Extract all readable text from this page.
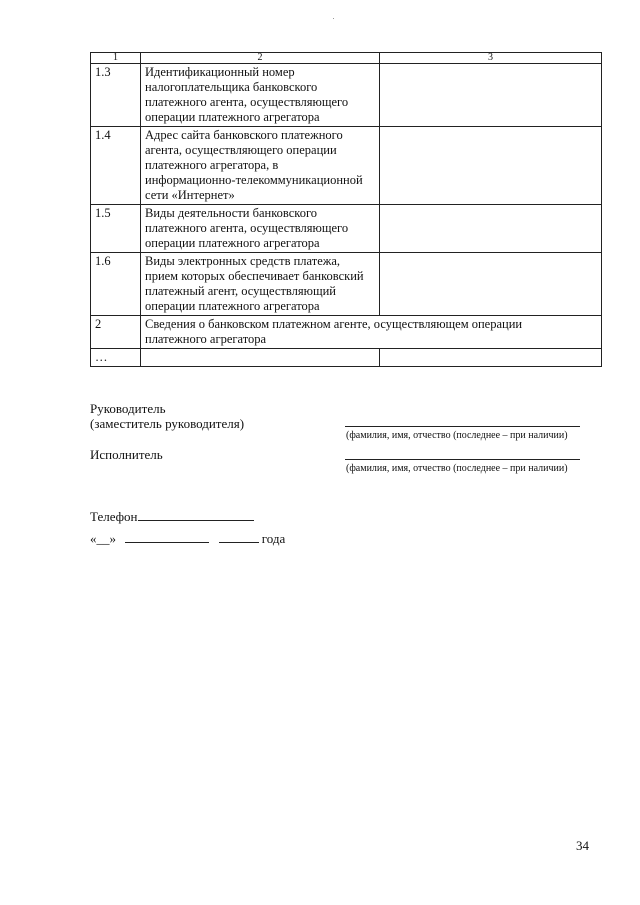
1	2	3
1.3	Идентификационный номер
налогоплательщика банковского
платежного агента, осуществляющего
операции платежного агрегатора	
1.4	Адрес сайта банковского платежного
агента, осуществляющего операции
платежного агрегатора, в
информационно-телекоммуникационной
сети «Интернет»	
1.5	Виды деятельности банковского
платежного агента, осуществляющего
операции платежного агрегатора	
1.6	Виды электронных средств платежа,
прием которых обеспечивает банковский
платежный агент, осуществляющий
операции платежного агрегатора	
2	Сведения о банковском платежном агенте, осуществляющем операции
платежного агрегатора	
…		
Руководитель
(заместитель руководителя)
(фамилия, имя, отчество (последнее – при наличии)
Исполнитель
(фамилия, имя, отчество (последнее – при наличии)
Телефон
«__»	года
34
